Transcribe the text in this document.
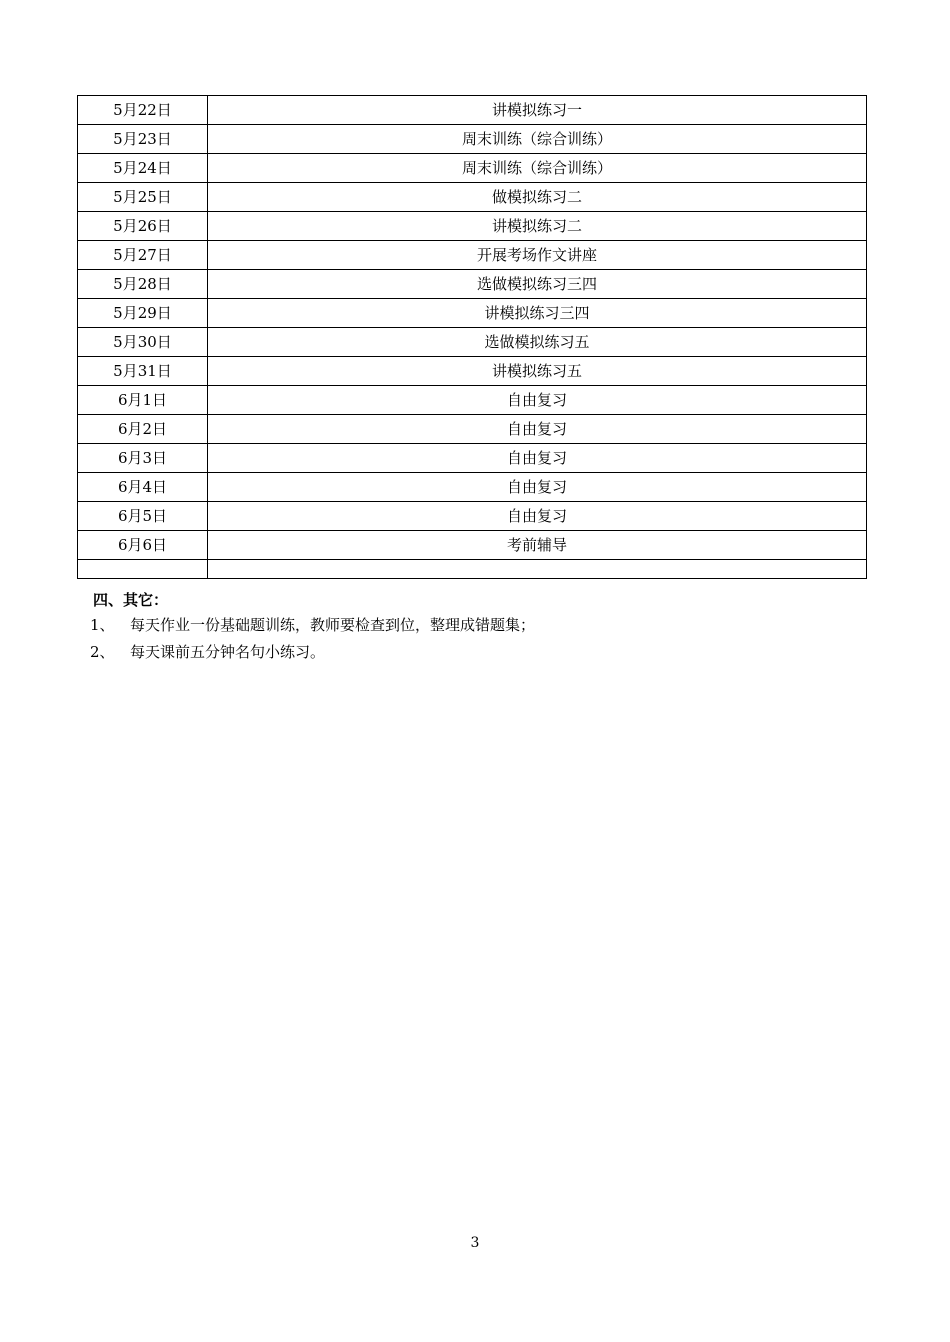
5月22日	讲模拟练习一
5月23日	周末训练（综合训练）
5月24日	周末训练（综合训练）
5月25日	做模拟练习二
5月26日	讲模拟练习二
5月27日	开展考场作文讲座
5月28日	选做模拟练习三四
5月29日	讲模拟练习三四
5月30日	选做模拟练习五
5月31日	讲模拟练习五
6月1日	自由复习
6月2日	自由复习
6月3日	自由复习
6月4日	自由复习
6月5日	自由复习
6月6日	考前辅导

四、其它：
1、	每天作业一份基础题训练，教师要检查到位，整理成错题集；
2、	每天课前五分钟名句小练习。
3
